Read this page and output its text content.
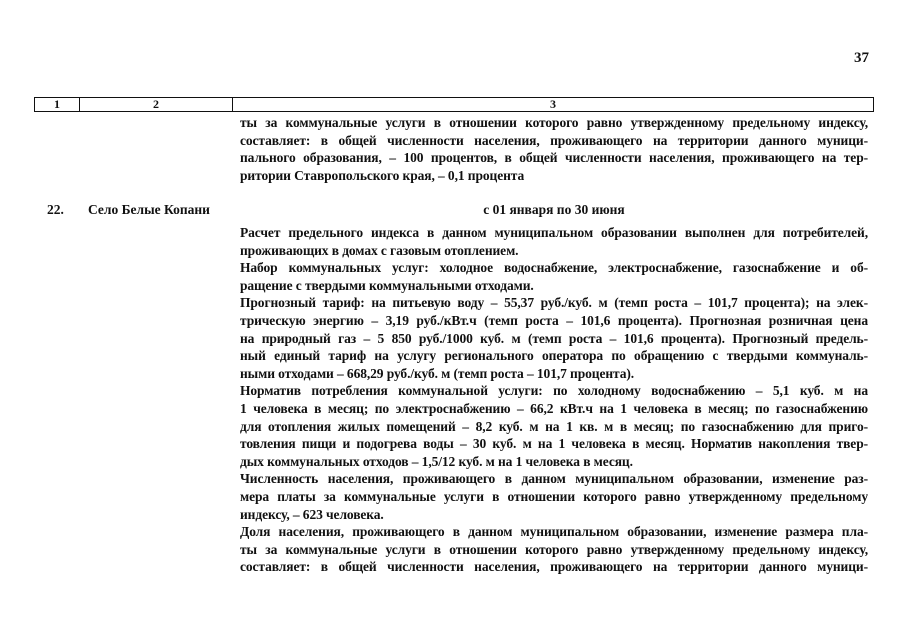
37
1	2	3
ты за коммунальные услуги в отношении которого равно утвержденному предельному индексу,
составляет: в общей численности населения, проживающего на территории данного муници-
пального образования, – 100 процентов, в общей численности населения, проживающего на тер-
ритории Ставропольского края, – 0,1 процента
22. Село Белые Копани	с 01 января по 30 июня

Расчет предельного индекса в данном муниципальном образовании выполнен для потребителей,
проживающих в домах с газовым отоплением.

Набор коммунальных услуг: холодное водоснабжение, электроснабжение, газоснабжение и об-
ращение с твердыми коммунальными отходами.

Прогнозный тариф: на питьевую воду – 55,37 руб./куб. м (темп роста – 101,7 процента); на элек-
трическую энергию – 3,19 руб./кВт.ч (темп роста – 101,6 процента). Прогнозная розничная цена
на природный газ – 5 850 руб./1000 куб. м (темп роста – 101,6 процента). Прогнозный предель-
ный единый тариф на услугу регионального оператора по обращению с твердыми коммуналь-
ными отходами – 668,29 руб./куб. м (темп роста – 101,7 процента).

Норматив потребления коммунальной услуги: по холодному водоснабжению – 5,1 куб. м на
1 человека в месяц; по электроснабжению – 66,2 кВт.ч на 1 человека в месяц; по газоснабжению
для отопления жилых помещений – 8,2 куб. м на 1 кв. м в месяц; по газоснабжению для приго-
товления пищи и подогрева воды – 30 куб. м на 1 человека в месяц. Норматив накопления твер-
дых коммунальных отходов – 1,5/12 куб. м на 1 человека в месяц.

Численность населения, проживающего в данном муниципальном образовании, изменение раз-
мера платы за коммунальные услуги в отношении которого равно утвержденному предельному
индексу, – 623 человека.

Доля населения, проживающего в данном муниципальном образовании, изменение размера пла-
ты за коммунальные услуги в отношении которого равно утвержденному предельному индексу,
составляет: в общей численности населения, проживающего на территории данного муници-
